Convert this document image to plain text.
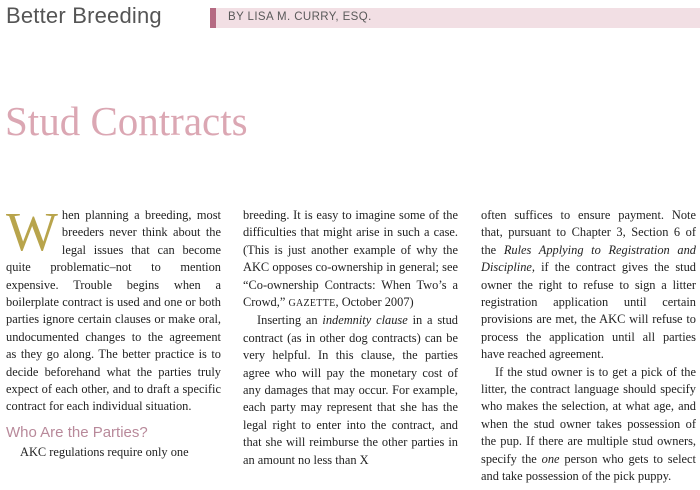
Better Breeding	BY LISA M. CURRY, ESQ.
Stud Contracts

When planning a breeding, most breeders never think about the legal issues that can become quite problematic–not to mention expensive. Trouble begins when a boilerplate contract is used and one or both parties ignore certain clauses or make oral, undocumented changes to the agreement as they go along. The better practice is to decide beforehand what the parties truly expect of each other, and to draft a specific contract for each individual situation.

Who Are the Parties?

AKC regulations require only one

breeding. It is easy to imagine some of the difficulties that might arise in such a case. (This is just another example of why the AKC opposes co-ownership in general; see “Co-ownership Contracts: When Two’s a Crowd,” GAZETTE, October 2007)

Inserting an indemnity clause in a stud contract (as in other dog contracts) can be very helpful. In this clause, the parties agree who will pay the monetary cost of any damages that may occur. For example, each party may represent that she has the legal right to enter into the contract, and that she will reimburse the other parties in an amount no less than X

often suffices to ensure payment. Note that, pursuant to Chapter 3, Section 6 of the Rules Applying to Registration and Discipline, if the contract gives the stud owner the right to refuse to sign a litter registration application until certain provisions are met, the AKC will refuse to process the application until all parties have reached agreement.

If the stud owner is to get a pick of the litter, the contract language should specify who makes the selection, at what age, and when the stud owner takes possession of the pup. If there are multiple stud owners, specify the one person who gets to select and take possession of the pick puppy.
